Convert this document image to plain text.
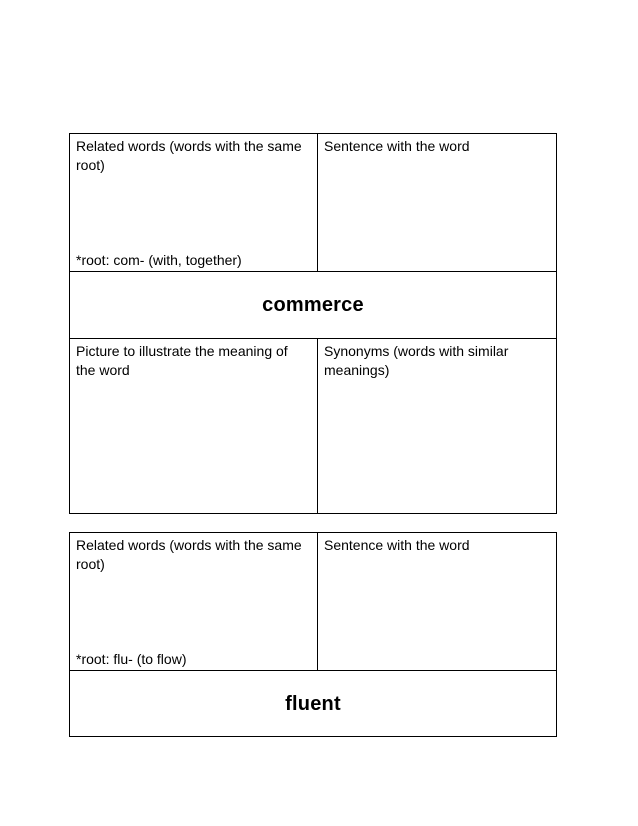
Related words (words with the same root)
*root: com- (with, together)
Sentence with the word
commerce
Picture to illustrate the meaning of the word
Synonyms (words with similar meanings)
Related words (words with the same root)
*root: flu- (to flow)
Sentence with the word
fluent
